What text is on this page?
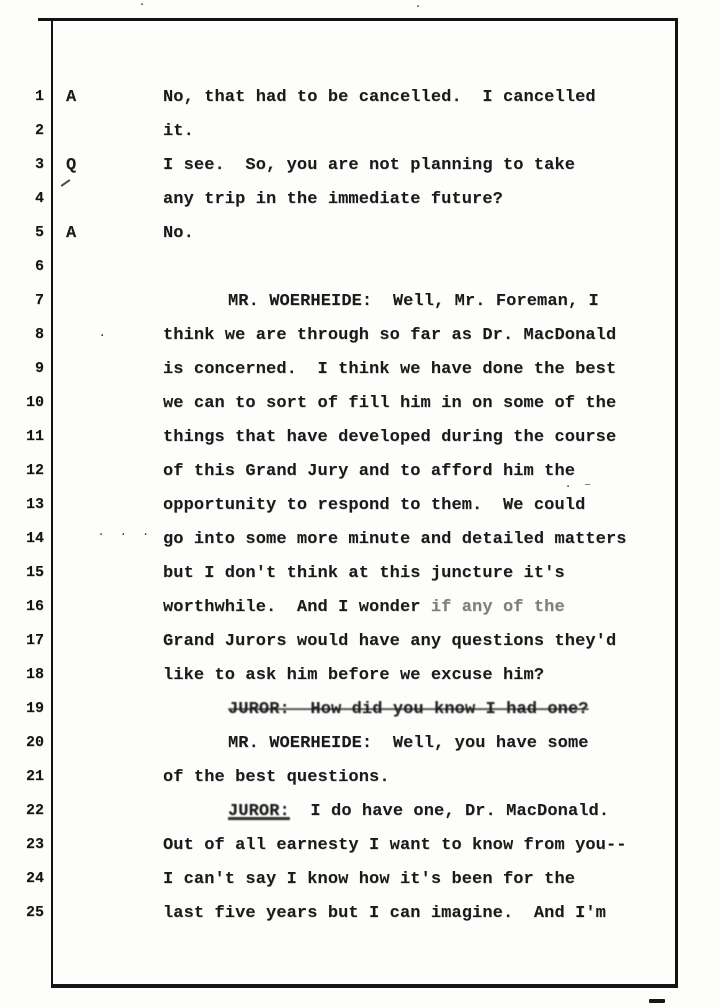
1 A	No, that had to be cancelled.  I cancelled
2	it.
3 Q	I see.  So, you are not planning to take
4	any trip in the immediate future?
5 A	No.
6
7	MR. WOERHEIDE:  Well, Mr. Foreman, I
8	think we are through so far as Dr. MacDonald
9	is concerned.  I think we have done the best
10	we can to sort of fill him in on some of the
11	things that have developed during the course
12	of this Grand Jury and to afford him the
13	opportunity to respond to them.  We could
14	go into some more minute and detailed matters
15	but I don't think at this juncture it's
16	worthwhile.  And I wonder if any of the
17	Grand Jurors would have any questions they'd
18	like to ask him before we excuse him?
19	JUROR:  How did you know I had one?
20	MR. WOERHEIDE:  Well, you have some
21	of the best questions.
22	JUROR:  I do have one, Dr. MacDonald.
23	Out of all earnesty I want to know from you--
24	I can't say I know how it's been for the
25	last five years but I can imagine.  And I'm
· · ·
· ⁻
.
·	·
